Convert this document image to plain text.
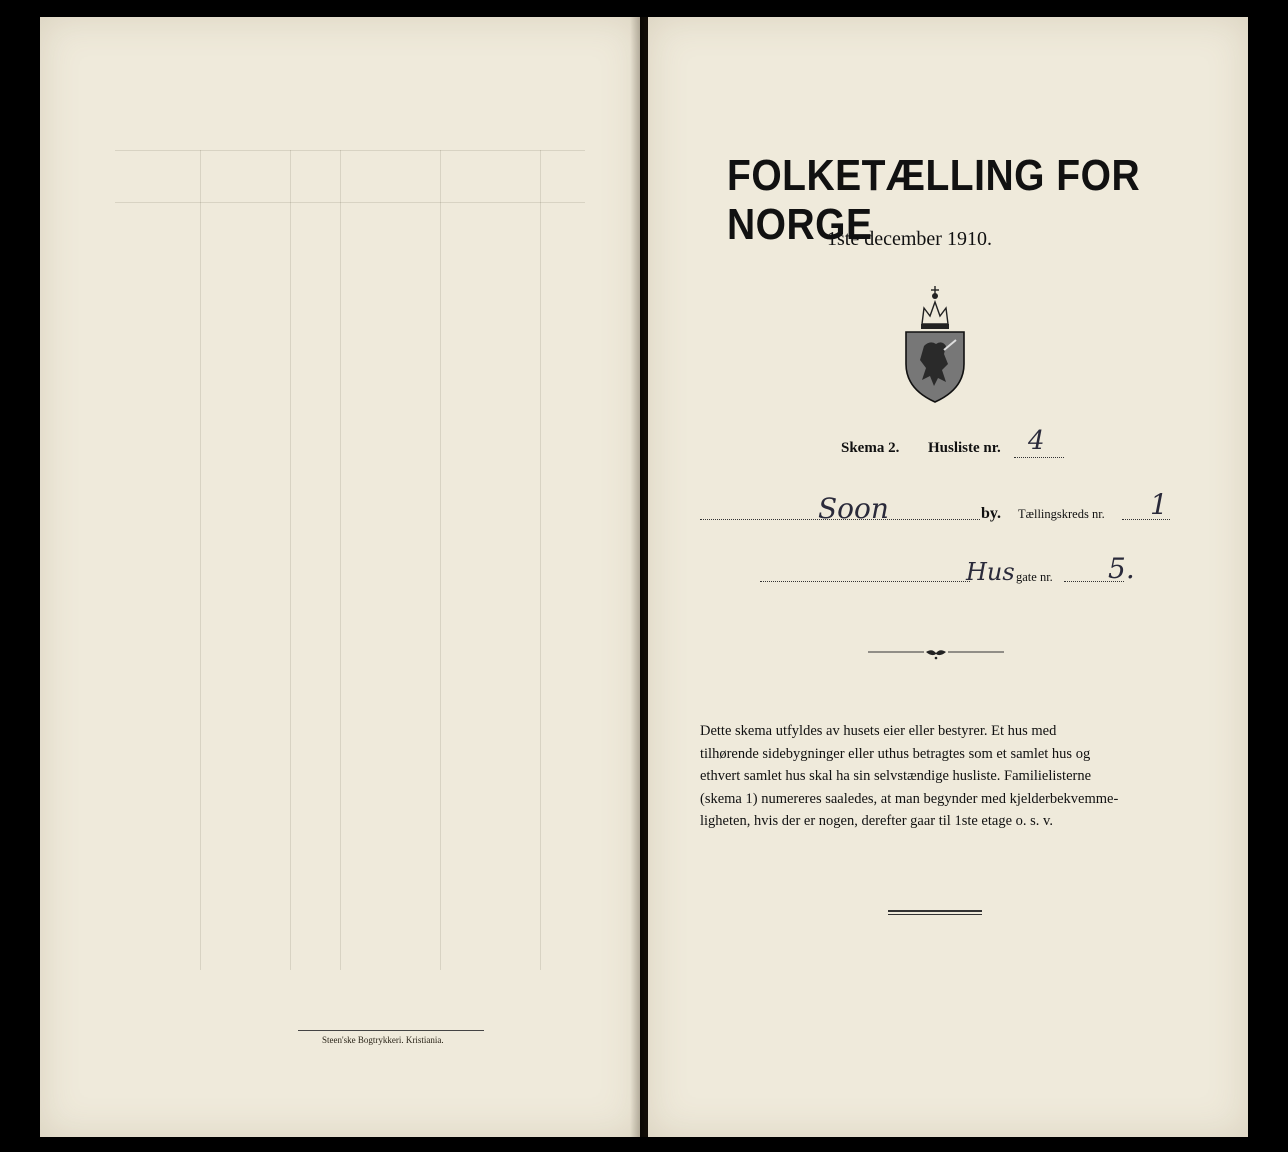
Steen'ske Bogtrykkeri. Kristiania.
FOLKETÆLLING FOR NORGE
1ste december 1910.
Skema 2. Husliste nr. 4
Soon	by. Tællingskreds nr. 1
Hus gate nr. 5.
Dette skema utfyldes av husets eier eller bestyrer. Et hus med
tilhørende sidebygninger eller uthus betragtes som et samlet hus og
ethvert samlet hus skal ha sin selvstændige husliste. Familielisterne
(skema 1) numereres saaledes, at man begynder med kjelderbekvemme-
ligheten, hvis der er nogen, derefter gaar til 1ste etage o. s. v.
